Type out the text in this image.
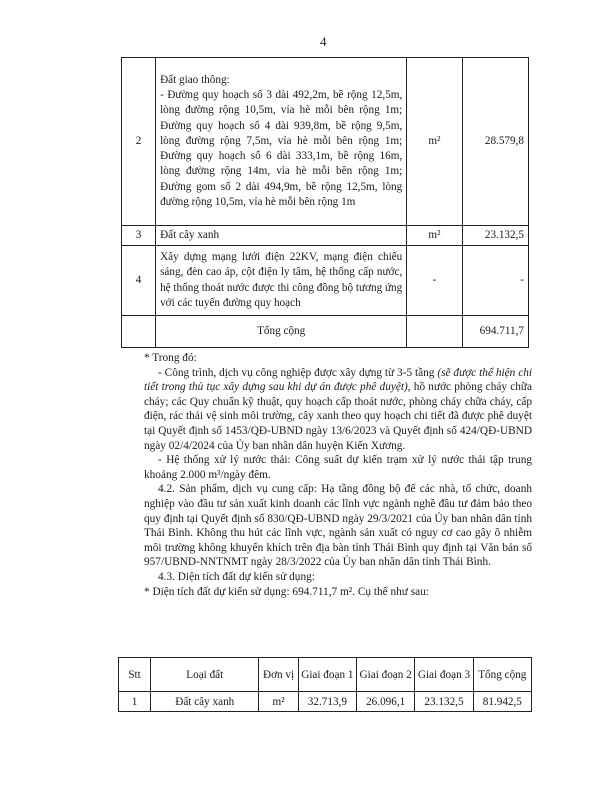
4
2	Đất giao thông:
- Đường quy hoạch số 3 dài 492,2m, bề rộng 12,5m, lòng đường rộng 10,5m, vỉa hè mỗi bên rộng 1m; Đường quy hoạch số 4 dài 939,8m, bề rộng 9,5m, lòng đường rộng 7,5m, vỉa hè mỗi bên rộng 1m; Đường quy hoạch số 6 dài 333,1m, bề rộng 16m, lòng đường rộng 14m, vỉa hè mỗi bên rộng 1m; Đường gom số 2 dài 494,9m, bề rộng 12,5m, lòng đường rộng 10,5m, vỉa hè mỗi bên rộng 1m	m²	28.579,8
3	Đất cây xanh	m²	23.132,5
4	Xây dựng mạng lưới điện 22KV, mạng điện chiếu sáng, đèn cao áp, cột điện ly tâm, hệ thống cấp nước, hệ thống thoát nước được thi công đồng bộ tương ứng với các tuyến đường quy hoạch	-	-
	Tổng cộng		694.711,7

* Trong đó:

- Công trình, dịch vụ công nghiệp được xây dựng từ 3-5 tầng (sẽ được thể hiện chi tiết trong thủ tục xây dựng sau khi dự án được phê duyệt), hồ nước phòng cháy chữa cháy; các Quy chuẩn kỹ thuật, quy hoạch cấp thoát nước, phòng cháy chữa cháy, cấp điện, rác thải vệ sinh môi trường, cây xanh theo quy hoạch chi tiết đã được phê duyệt tại Quyết định số 1453/QĐ-UBND ngày 13/6/2023 và Quyết định số 424/QĐ-UBND ngày 02/4/2024 của Ủy ban nhân dân huyện Kiến Xương.

- Hệ thống xử lý nước thải: Công suất dự kiến trạm xử lý nước thải tập trung khoảng 2.000 m³/ngày đêm.

4.2. Sản phẩm, dịch vụ cung cấp: Hạ tầng đồng bộ để các nhà, tổ chức, doanh nghiệp vào đầu tư sản xuất kinh doanh các lĩnh vực ngành nghề đầu tư đảm bảo theo quy định tại Quyết định số 830/QĐ-UBND ngày 29/3/2021 của Ủy ban nhân dân tỉnh Thái Bình. Không thu hút các lĩnh vực, ngành sản xuất có nguy cơ cao gây ô nhiễm môi trường không khuyến khích trên địa bàn tỉnh Thái Bình quy định tại Văn bản số 957/UBND-NNTNMT ngày 28/3/2022 của Ủy ban nhân dân tỉnh Thái Bình.

4.3. Diện tích đất dự kiến sử dụng:

* Diện tích đất dự kiến sử dụng: 694.711,7 m². Cụ thể như sau:

Stt	Loại đất	Đơn vị	Giai đoạn 1	Giai đoạn 2	Giai đoạn 3	Tổng cộng
1	Đất cây xanh	m²	32.713,9	26.096,1	23.132,5	81.942,5
